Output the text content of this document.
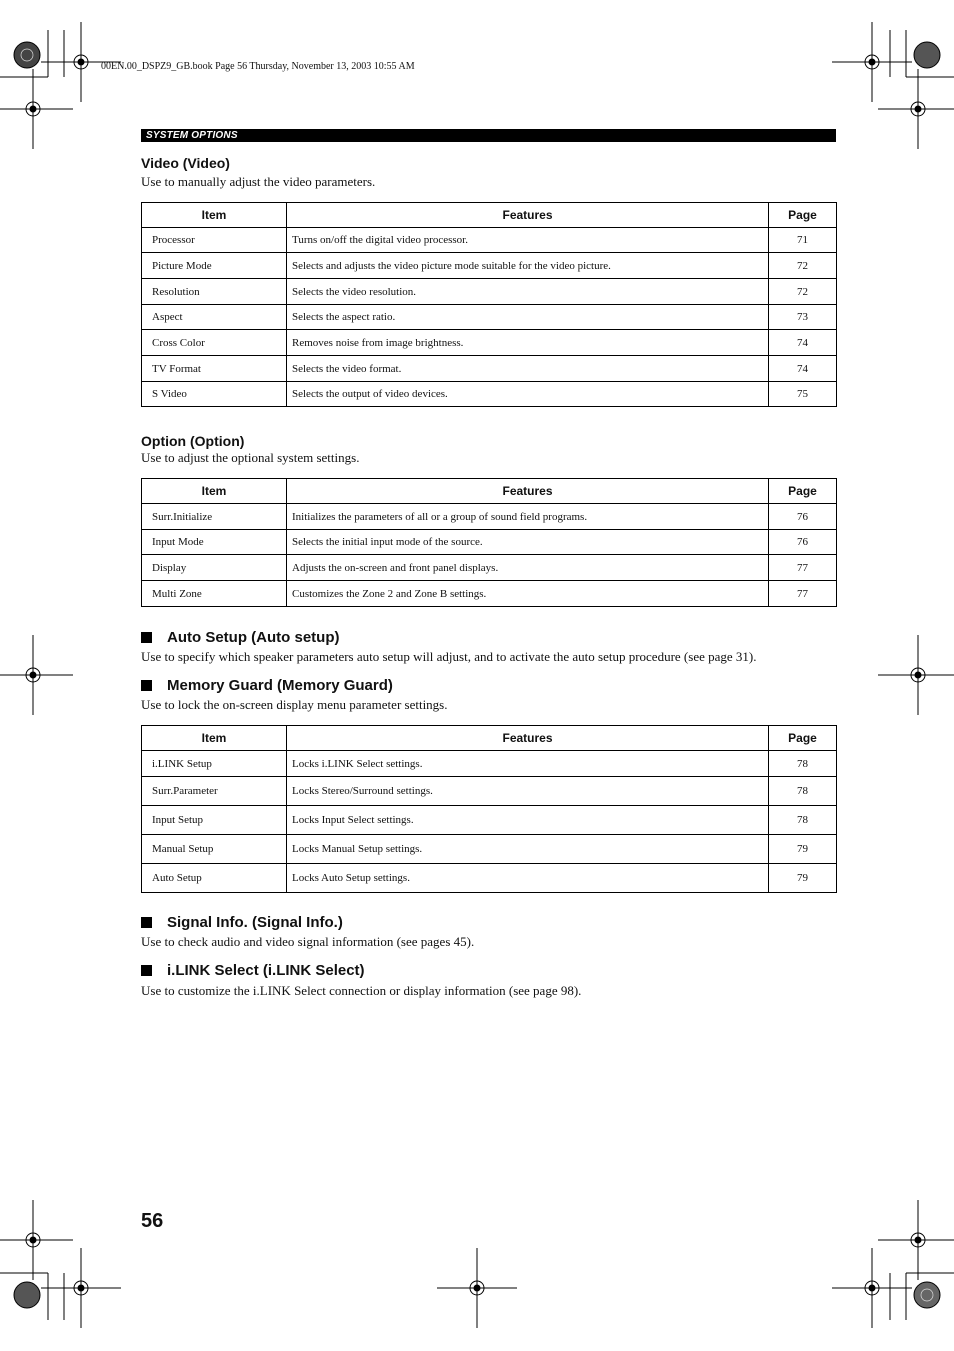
00EN.00_DSPZ9_GB.book Page 56 Thursday, November 13, 2003 10:55 AM
SYSTEM OPTIONS
Video (Video)
Use to manually adjust the video parameters.
Item	Features	Page
Processor	Turns on/off the digital video processor.	71
Picture Mode	Selects and adjusts the video picture mode suitable for the video picture.	72
Resolution	Selects the video resolution.	72
Aspect	Selects the aspect ratio.	73
Cross Color	Removes noise from image brightness.	74
TV Format	Selects the video format.	74
S Video	Selects the output of video devices.	75
Option (Option)
Use to adjust the optional system settings.
Item	Features	Page
Surr.Initialize	Initializes the parameters of all or a group of sound field programs.	76
Input Mode	Selects the initial input mode of the source.	76
Display	Adjusts the on-screen and front panel displays.	77
Multi Zone	Customizes the Zone 2 and Zone B settings.	77
Auto Setup (Auto setup)
Use to specify which speaker parameters auto setup will adjust, and to activate the auto setup procedure (see page 31).
Memory Guard (Memory Guard)
Use to lock the on-screen display menu parameter settings.
Item	Features	Page
i.LINK Setup	Locks i.LINK Select settings.	78
Surr.Parameter	Locks Stereo/Surround settings.	78
Input Setup	Locks Input Select settings.	78
Manual Setup	Locks Manual Setup settings.	79
Auto Setup	Locks Auto Setup settings.	79
Signal Info. (Signal Info.)
Use to check audio and video signal information (see pages 45).
i.LINK Select (i.LINK Select)
Use to customize the i.LINK Select connection or display information (see page 98).
56
